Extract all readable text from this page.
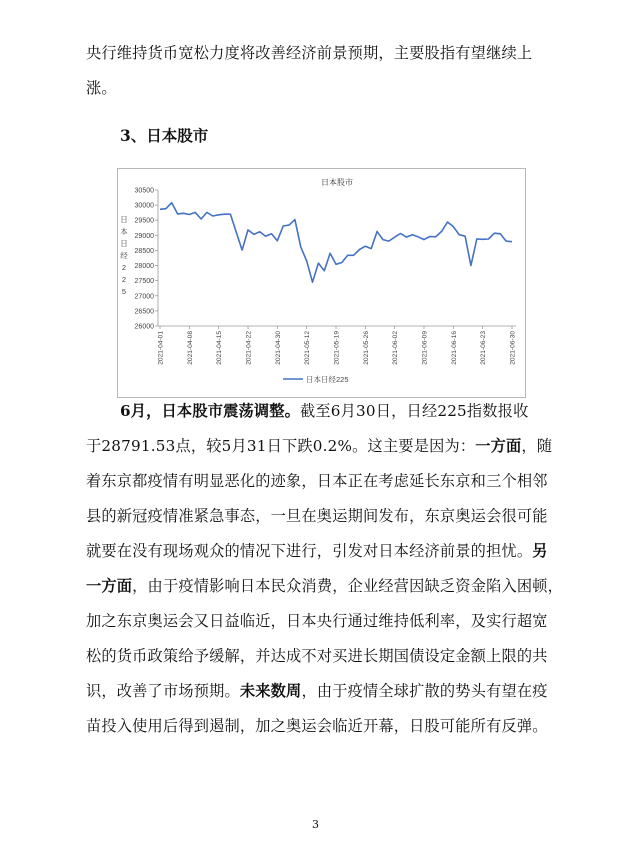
央行维持货币宽松力度将改善经济前景预期，主要股指有望继续上
涨。
3、日本股市
日本股市
30500
30000
29500
29000
28500
28000
27500
27000
26500
26000
日
本
日
经
2
2
5
2021-04-01	2021-04-08	2021-04-15	2021-04-22	2021-04-30	2021-05-12	2021-05-19	2021-05-26	2021-06-02	2021-06-09	2021-06-16	2021-06-23	2021-06-30
日本日经225
6月，日本股市震荡调整。截至6月30日，日经225指数报收
于28791.53点，较5月31日下跌0.2%。这主要是因为：一方面，随
着东京都疫情有明显恶化的迹象，日本正在考虑延长东京和三个相邻
县的新冠疫情准紧急事态，一旦在奥运期间发布，东京奥运会很可能
就要在没有现场观众的情况下进行，引发对日本经济前景的担忧。另
一方面，由于疫情影响日本民众消费，企业经营因缺乏资金陷入困顿，
加之东京奥运会又日益临近，日本央行通过维持低利率，及实行超宽
松的货币政策给予缓解，并达成不对买进长期国债设定金额上限的共
识，改善了市场预期。未来数周，由于疫情全球扩散的势头有望在疫
苗投入使用后得到遏制，加之奥运会临近开幕，日股可能所有反弹。
3
